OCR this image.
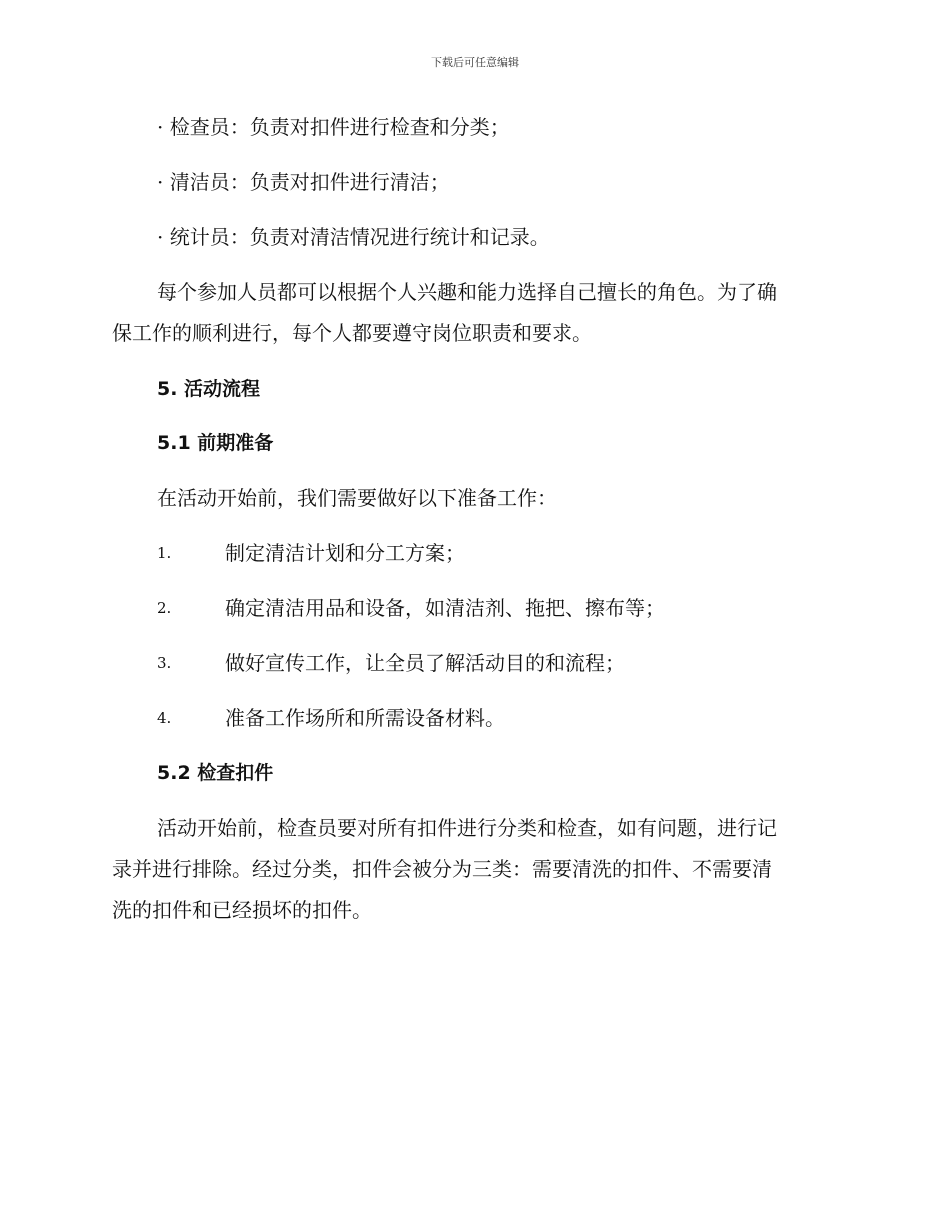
下载后可任意编辑
· 检查员：负责对扣件进行检查和分类；
· 清洁员：负责对扣件进行清洁；
· 统计员：负责对清洁情况进行统计和记录。
每个参加人员都可以根据个人兴趣和能力选择自己擅长的角色。为了确
保工作的顺利进行，每个人都要遵守岗位职责和要求。
5. 活动流程
5.1 前期准备
在活动开始前，我们需要做好以下准备工作：
1.	制定清洁计划和分工方案；
2.	确定清洁用品和设备，如清洁剂、拖把、擦布等；
3.	做好宣传工作，让全员了解活动目的和流程；
4.	准备工作场所和所需设备材料。
5.2 检查扣件
活动开始前，检查员要对所有扣件进行分类和检查，如有问题，进行记
录并进行排除。经过分类，扣件会被分为三类：需要清洗的扣件、不需要清
洗的扣件和已经损坏的扣件。
